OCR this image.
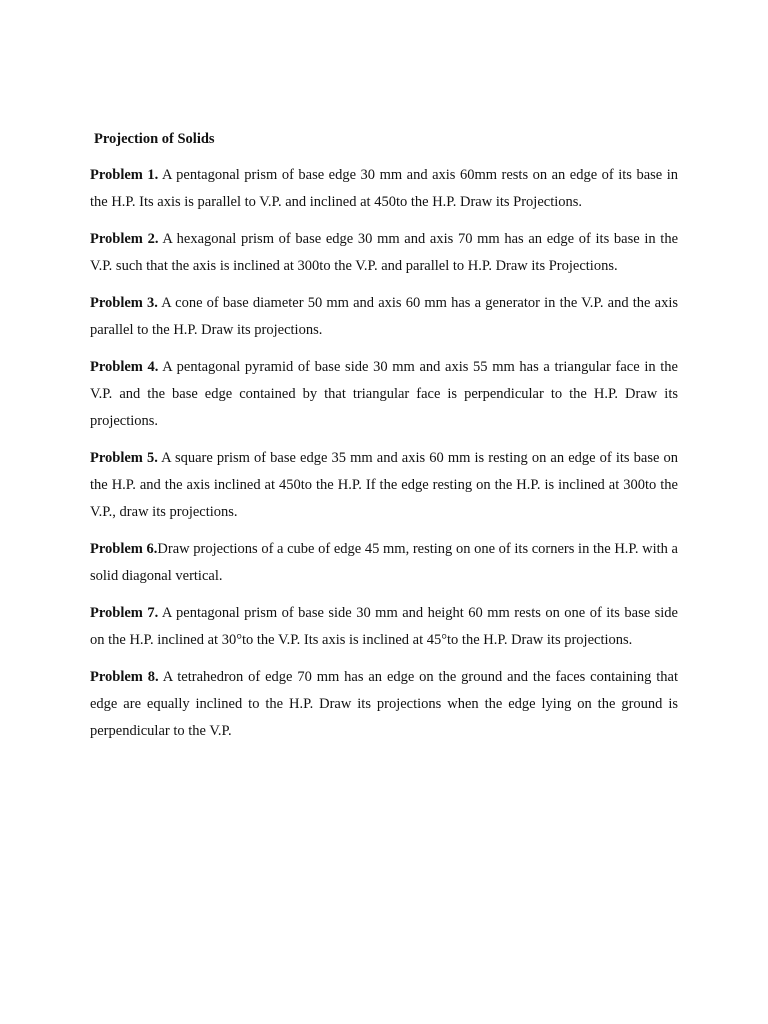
Projection of Solids

Problem 1. A pentagonal prism of base edge 30 mm and axis 60mm rests on an edge of its base in the H.P. Its axis is parallel to V.P. and inclined at 450to the H.P. Draw its Projections.

Problem 2. A hexagonal prism of base edge 30 mm and axis 70 mm has an edge of its base in the V.P. such that the axis is inclined at 300to the V.P. and parallel to H.P. Draw its Projections.

Problem 3. A cone of base diameter 50 mm and axis 60 mm has a generator in the V.P. and the axis parallel to the H.P. Draw its projections.

Problem 4. A pentagonal pyramid of base side 30 mm and axis 55 mm has a triangular face in the V.P. and the base edge contained by that triangular face is perpendicular to the H.P. Draw its projections.

Problem 5. A square prism of base edge 35 mm and axis 60 mm is resting on an edge of its base on the H.P. and the axis inclined at 450to the H.P. If the edge resting on the H.P. is inclined at 300to the V.P., draw its projections.

Problem 6.Draw projections of a cube of edge 45 mm, resting on one of its corners in the H.P. with a solid diagonal vertical.

Problem 7. A pentagonal prism of base side 30 mm and height 60 mm rests on one of its base side on the H.P. inclined at 30°to the V.P. Its axis is inclined at 45°to the H.P. Draw its projections.

Problem 8. A tetrahedron of edge 70 mm has an edge on the ground and the faces containing that edge are equally inclined to the H.P. Draw its projections when the edge lying on the ground is perpendicular to the V.P.
